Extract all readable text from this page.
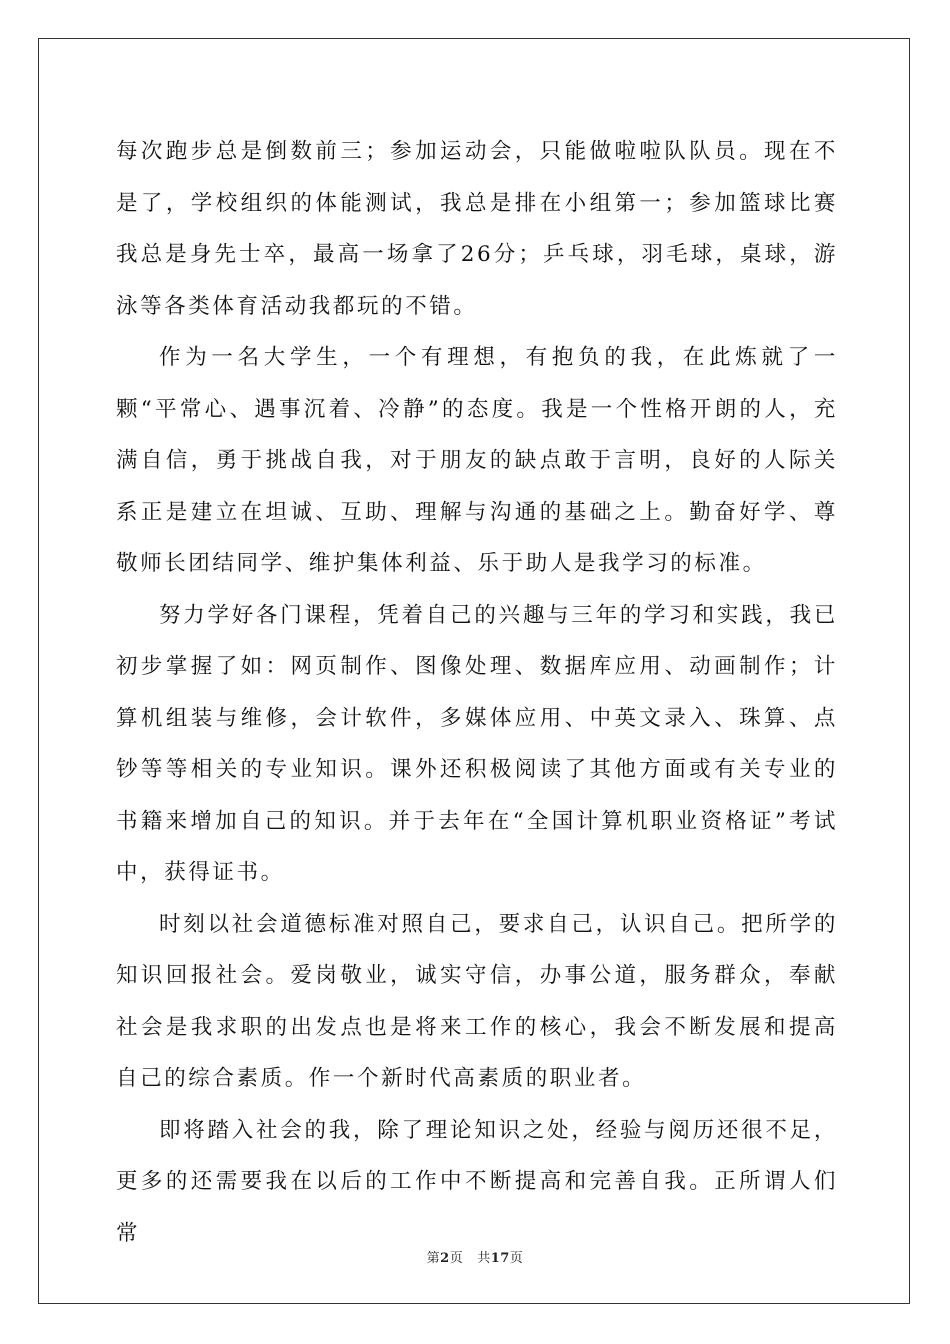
每次跑步总是倒数前三；参加运动会，只能做啦啦队队员。现在不是了，学校组织的体能测试，我总是排在小组第一；参加篮球比赛我总是身先士卒，最高一场拿了26分；乒乓球，羽毛球，桌球，游泳等各类体育活动我都玩的不错。

作为一名大学生，一个有理想，有抱负的我，在此炼就了一颗“平常心、遇事沉着、冷静”的态度。我是一个性格开朗的人，充满自信，勇于挑战自我，对于朋友的缺点敢于言明，良好的人际关系正是建立在坦诚、互助、理解与沟通的基础之上。勤奋好学、尊敬师长团结同学、维护集体利益、乐于助人是我学习的标准。

努力学好各门课程，凭着自己的兴趣与三年的学习和实践，我已初步掌握了如：网页制作、图像处理、数据库应用、动画制作；计算机组装与维修，会计软件，多媒体应用、中英文录入、珠算、点钞等等相关的专业知识。课外还积极阅读了其他方面或有关专业的书籍来增加自己的知识。并于去年在“全国计算机职业资格证”考试中，获得证书。

时刻以社会道德标准对照自己，要求自己，认识自己。把所学的知识回报社会。爱岗敬业，诚实守信，办事公道，服务群众，奉献社会是我求职的出发点也是将来工作的核心，我会不断发展和提高自己的综合素质。作一个新时代高素质的职业者。

即将踏入社会的我，除了理论知识之处，经验与阅历还很不足，更多的还需要我在以后的工作中不断提高和完善自我。正所谓人们常

第2页 共17页
